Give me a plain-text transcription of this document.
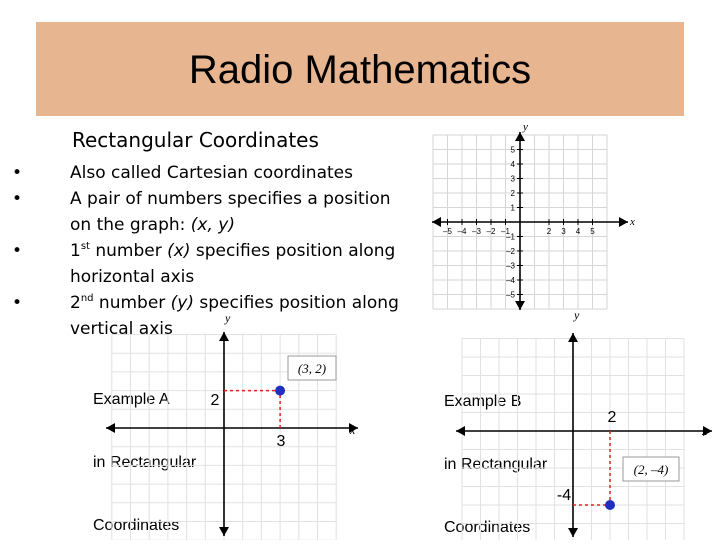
Radio Mathematics
Rectangular Coordinates
•	Also called Cartesian coordinates
•	A pair of numbers specifies a position on the graph: (x, y)
•	1st number (x) specifies position along horizontal axis
•	2nd number (y) specifies position along vertical axis
–5 –4 –3 –2 –1	2 3 4 5
5
4
3
2
1
–1
–2
–3
–4
–5
y
x

Example A

in Rectangular

Coordinates

(3, 2)
3
2
x
y

Example B

in Rectangular

Coordinates

(2, –4)
2
-4
x
y
